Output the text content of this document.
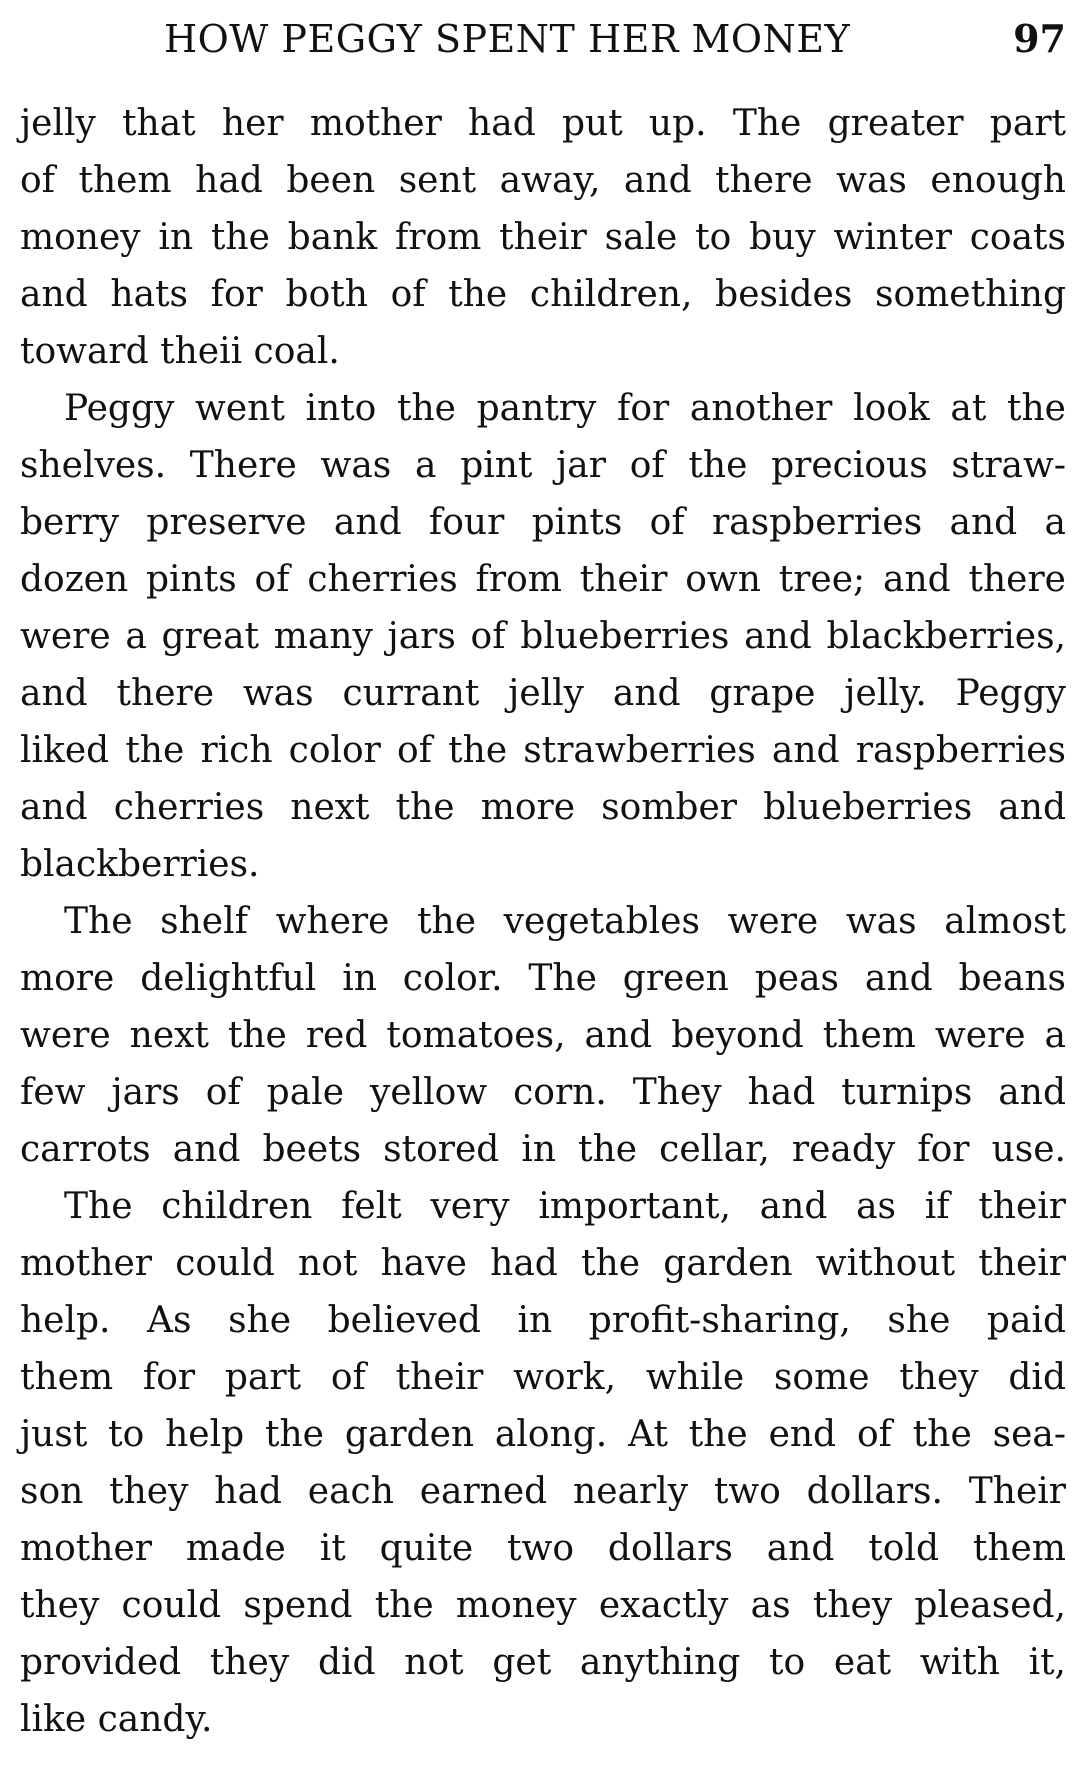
HOW PEGGY SPENT HER MONEY	97
jelly that her mother had put up. The greater part
of them had been sent away, and there was enough
money in the bank from their sale to buy winter coats
and hats for both of the children, besides something
toward theii coal.
Peggy went into the pantry for another look at the
shelves. There was a pint jar of the precious straw-
berry preserve and four pints of raspberries and a
dozen pints of cherries from their own tree; and there
were a great many jars of blueberries and blackberries,
and there was currant jelly and grape jelly. Peggy
liked the rich color of the strawberries and raspberries
and cherries next the more somber blueberries and
blackberries.
The shelf where the vegetables were was almost
more delightful in color. The green peas and beans
were next the red tomatoes, and beyond them were a
few jars of pale yellow corn. They had turnips and
carrots and beets stored in the cellar, ready for use.
The children felt very important, and as if their
mother could not have had the garden without their
help. As she believed in profit-sharing, she paid
them for part of their work, while some they did
just to help the garden along. At the end of the sea-
son they had each earned nearly two dollars. Their
mother made it quite two dollars and told them
they could spend the money exactly as they pleased,
provided they did not get anything to eat with it,
like candy.
